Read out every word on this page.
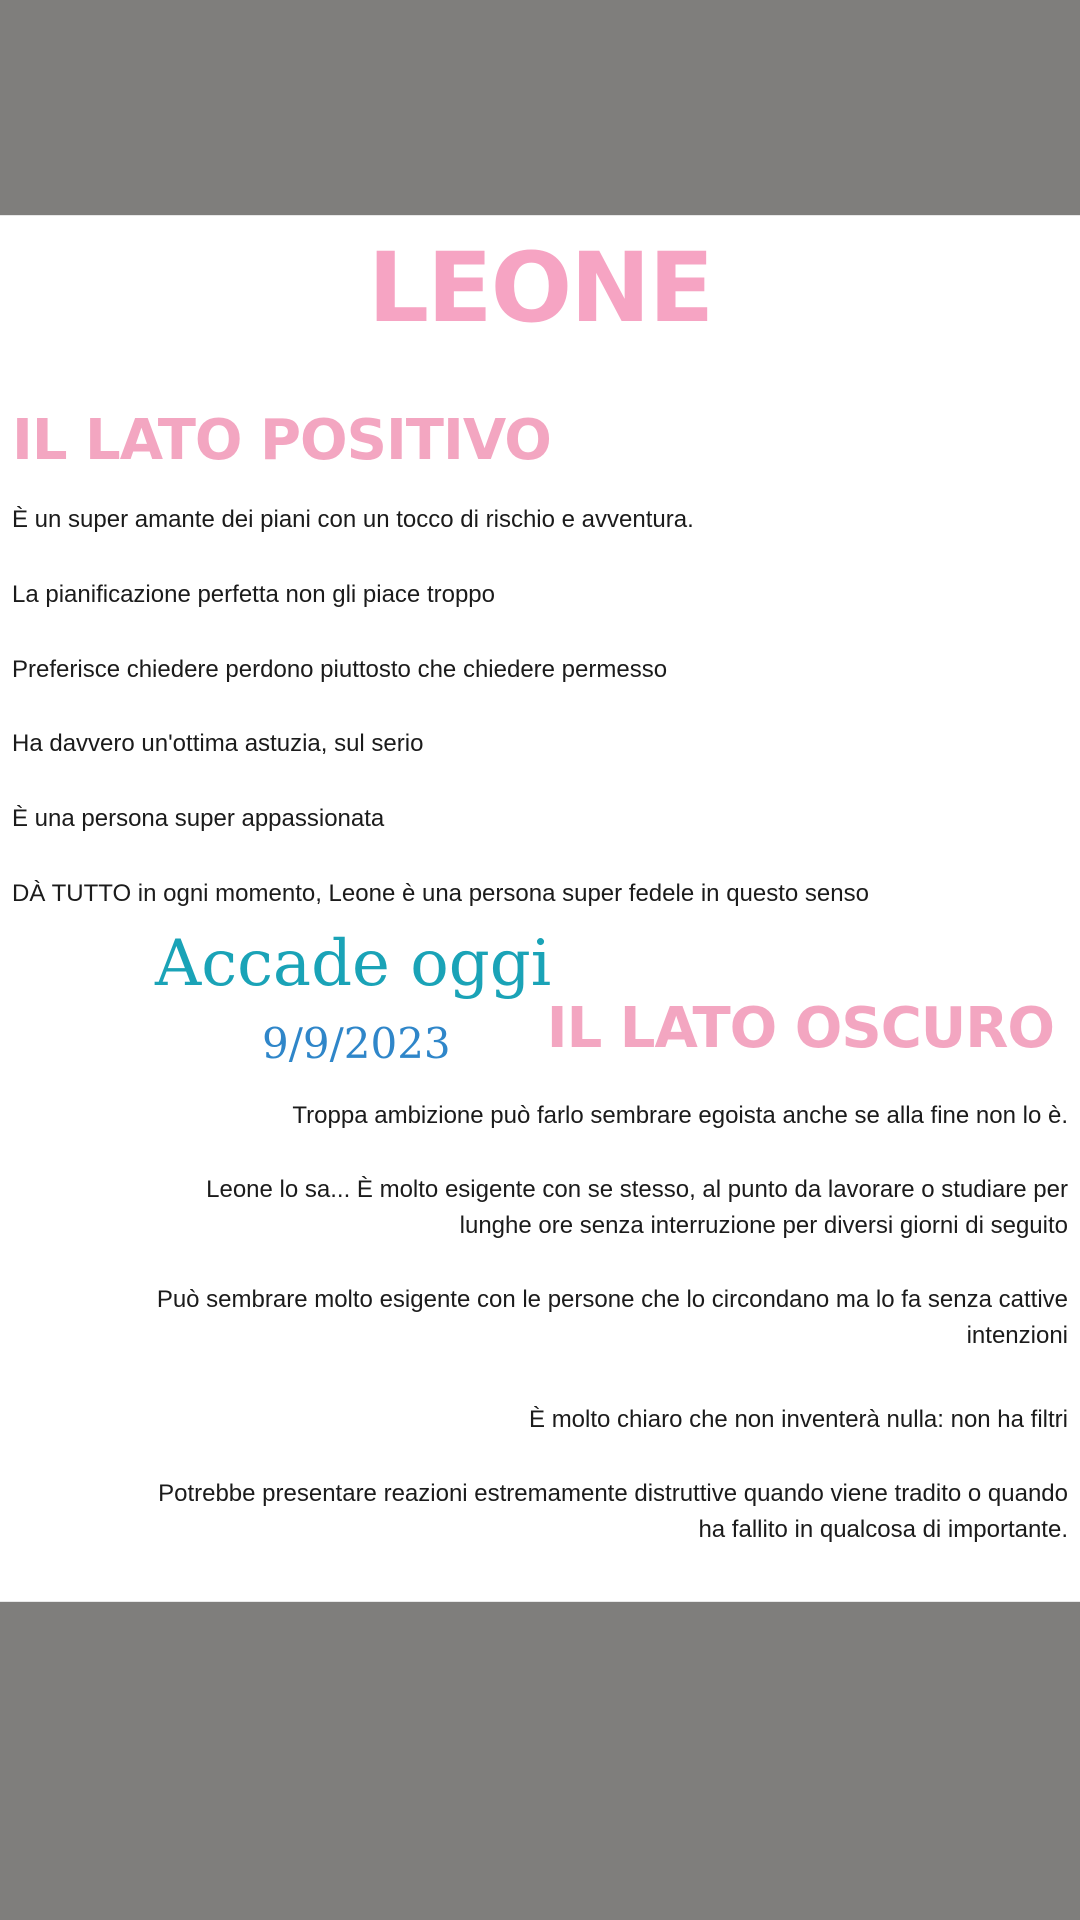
LEONE
IL LATO POSITIVO
È un super amante dei piani con un tocco di rischio e avventura.
La pianificazione perfetta non gli piace troppo
Preferisce chiedere perdono piuttosto che chiedere permesso
Ha davvero un'ottima astuzia, sul serio
È una persona super appassionata
DÀ TUTTO in ogni momento, Leone è una persona super fedele in questo senso
IL LATO OSCURO
Accade oggi
9/9/2023
Troppa ambizione può farlo sembrare egoista anche se alla fine non lo è.
Leone lo sa... È molto esigente con se stesso, al punto da lavorare o studiare per
lunghe ore senza interruzione per diversi giorni di seguito
Può sembrare molto esigente con le persone che lo circondano ma lo fa senza cattive
intenzioni
È molto chiaro che non inventerà nulla: non ha filtri
Potrebbe presentare reazioni estremamente distruttive quando viene tradito o quando
ha fallito in qualcosa di importante.
